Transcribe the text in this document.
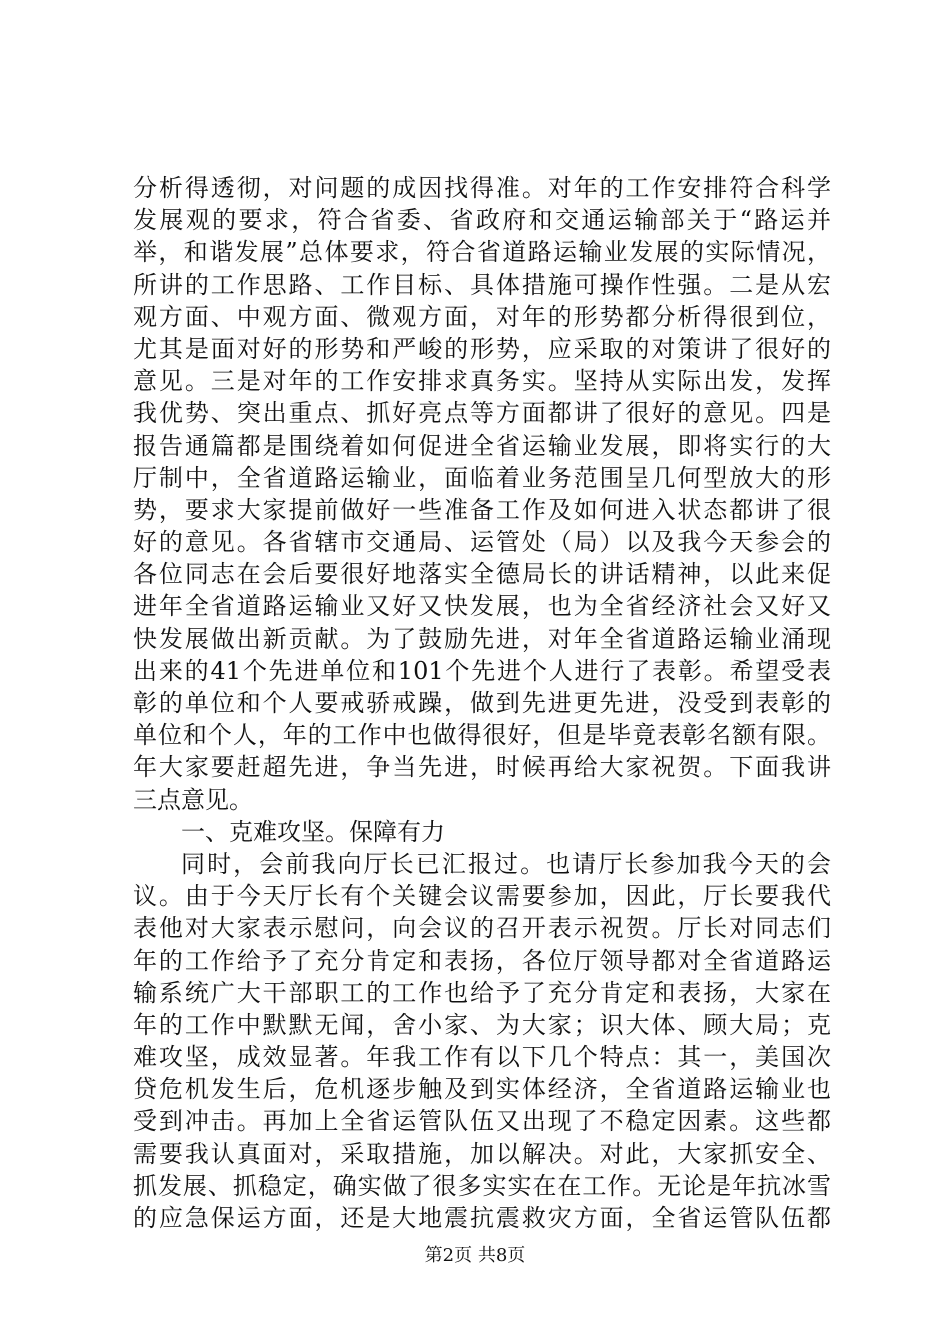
分析得透彻，对问题的成因找得准。对年的工作安排符合科学
发展观的要求，符合省委、省政府和交通运输部关于“路运并
举，和谐发展”总体要求，符合省道路运输业发展的实际情况，
所讲的工作思路、工作目标、具体措施可操作性强。二是从宏
观方面、中观方面、微观方面，对年的形势都分析得很到位，
尤其是面对好的形势和严峻的形势，应采取的对策讲了很好的
意见。三是对年的工作安排求真务实。坚持从实际出发，发挥
我优势、突出重点、抓好亮点等方面都讲了很好的意见。四是
报告通篇都是围绕着如何促进全省运输业发展，即将实行的大
厅制中，全省道路运输业，面临着业务范围呈几何型放大的形
势，要求大家提前做好一些准备工作及如何进入状态都讲了很
好的意见。各省辖市交通局、运管处（局）以及我今天参会的
各位同志在会后要很好地落实全德局长的讲话精神，以此来促
进年全省道路运输业又好又快发展，也为全省经济社会又好又
快发展做出新贡献。为了鼓励先进，对年全省道路运输业涌现
出来的41个先进单位和101个先进个人进行了表彰。希望受表
彰的单位和个人要戒骄戒躁，做到先进更先进，没受到表彰的
单位和个人，年的工作中也做得很好，但是毕竟表彰名额有限。
年大家要赶超先进，争当先进，时候再给大家祝贺。下面我讲
三点意见。
一、克难攻坚。保障有力
同时，会前我向厅长已汇报过。也请厅长参加我今天的会
议。由于今天厅长有个关键会议需要参加，因此，厅长要我代
表他对大家表示慰问，向会议的召开表示祝贺。厅长对同志们
年的工作给予了充分肯定和表扬，各位厅领导都对全省道路运
输系统广大干部职工的工作也给予了充分肯定和表扬，大家在
年的工作中默默无闻，舍小家、为大家；识大体、顾大局；克
难攻坚，成效显著。年我工作有以下几个特点：其一，美国次
贷危机发生后，危机逐步触及到实体经济，全省道路运输业也
受到冲击。再加上全省运管队伍又出现了不稳定因素。这些都
需要我认真面对，采取措施，加以解决。对此，大家抓安全、
抓发展、抓稳定，确实做了很多实实在在工作。无论是年抗冰雪
的应急保运方面，还是大地震抗震救灾方面，全省运管队伍都
第2页 共8页
